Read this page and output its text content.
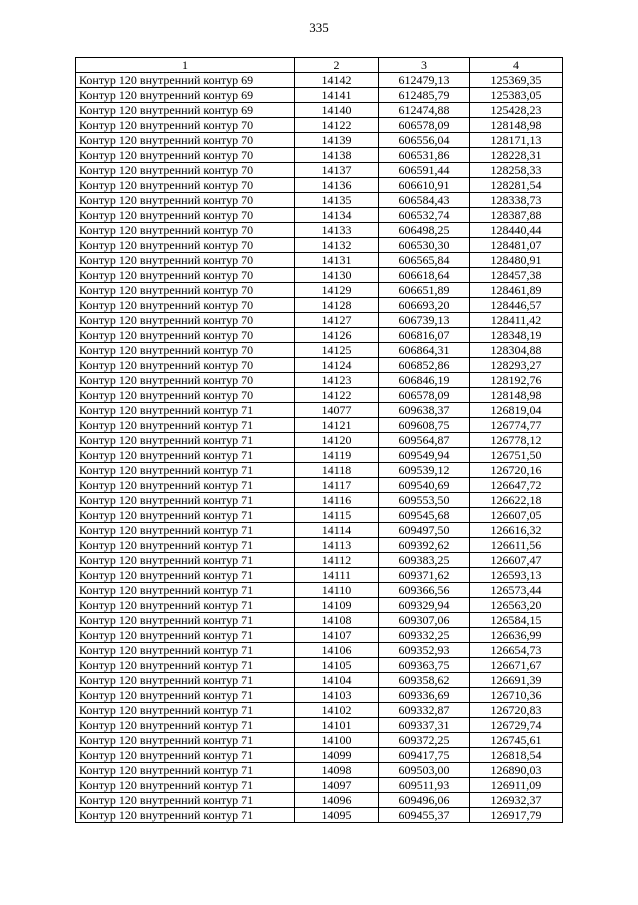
335
1	2	3	4
Контур 120 внутренний контур 69	14142	612479,13	125369,35
Контур 120 внутренний контур 69	14141	612485,79	125383,05
Контур 120 внутренний контур 69	14140	612474,88	125428,23
Контур 120 внутренний контур 70	14122	606578,09	128148,98
Контур 120 внутренний контур 70	14139	606556,04	128171,13
Контур 120 внутренний контур 70	14138	606531,86	128228,31
Контур 120 внутренний контур 70	14137	606591,44	128258,33
Контур 120 внутренний контур 70	14136	606610,91	128281,54
Контур 120 внутренний контур 70	14135	606584,43	128338,73
Контур 120 внутренний контур 70	14134	606532,74	128387,88
Контур 120 внутренний контур 70	14133	606498,25	128440,44
Контур 120 внутренний контур 70	14132	606530,30	128481,07
Контур 120 внутренний контур 70	14131	606565,84	128480,91
Контур 120 внутренний контур 70	14130	606618,64	128457,38
Контур 120 внутренний контур 70	14129	606651,89	128461,89
Контур 120 внутренний контур 70	14128	606693,20	128446,57
Контур 120 внутренний контур 70	14127	606739,13	128411,42
Контур 120 внутренний контур 70	14126	606816,07	128348,19
Контур 120 внутренний контур 70	14125	606864,31	128304,88
Контур 120 внутренний контур 70	14124	606852,86	128293,27
Контур 120 внутренний контур 70	14123	606846,19	128192,76
Контур 120 внутренний контур 70	14122	606578,09	128148,98
Контур 120 внутренний контур 71	14077	609638,37	126819,04
Контур 120 внутренний контур 71	14121	609608,75	126774,77
Контур 120 внутренний контур 71	14120	609564,87	126778,12
Контур 120 внутренний контур 71	14119	609549,94	126751,50
Контур 120 внутренний контур 71	14118	609539,12	126720,16
Контур 120 внутренний контур 71	14117	609540,69	126647,72
Контур 120 внутренний контур 71	14116	609553,50	126622,18
Контур 120 внутренний контур 71	14115	609545,68	126607,05
Контур 120 внутренний контур 71	14114	609497,50	126616,32
Контур 120 внутренний контур 71	14113	609392,62	126611,56
Контур 120 внутренний контур 71	14112	609383,25	126607,47
Контур 120 внутренний контур 71	14111	609371,62	126593,13
Контур 120 внутренний контур 71	14110	609366,56	126573,44
Контур 120 внутренний контур 71	14109	609329,94	126563,20
Контур 120 внутренний контур 71	14108	609307,06	126584,15
Контур 120 внутренний контур 71	14107	609332,25	126636,99
Контур 120 внутренний контур 71	14106	609352,93	126654,73
Контур 120 внутренний контур 71	14105	609363,75	126671,67
Контур 120 внутренний контур 71	14104	609358,62	126691,39
Контур 120 внутренний контур 71	14103	609336,69	126710,36
Контур 120 внутренний контур 71	14102	609332,87	126720,83
Контур 120 внутренний контур 71	14101	609337,31	126729,74
Контур 120 внутренний контур 71	14100	609372,25	126745,61
Контур 120 внутренний контур 71	14099	609417,75	126818,54
Контур 120 внутренний контур 71	14098	609503,00	126890,03
Контур 120 внутренний контур 71	14097	609511,93	126911,09
Контур 120 внутренний контур 71	14096	609496,06	126932,37
Контур 120 внутренний контур 71	14095	609455,37	126917,79
